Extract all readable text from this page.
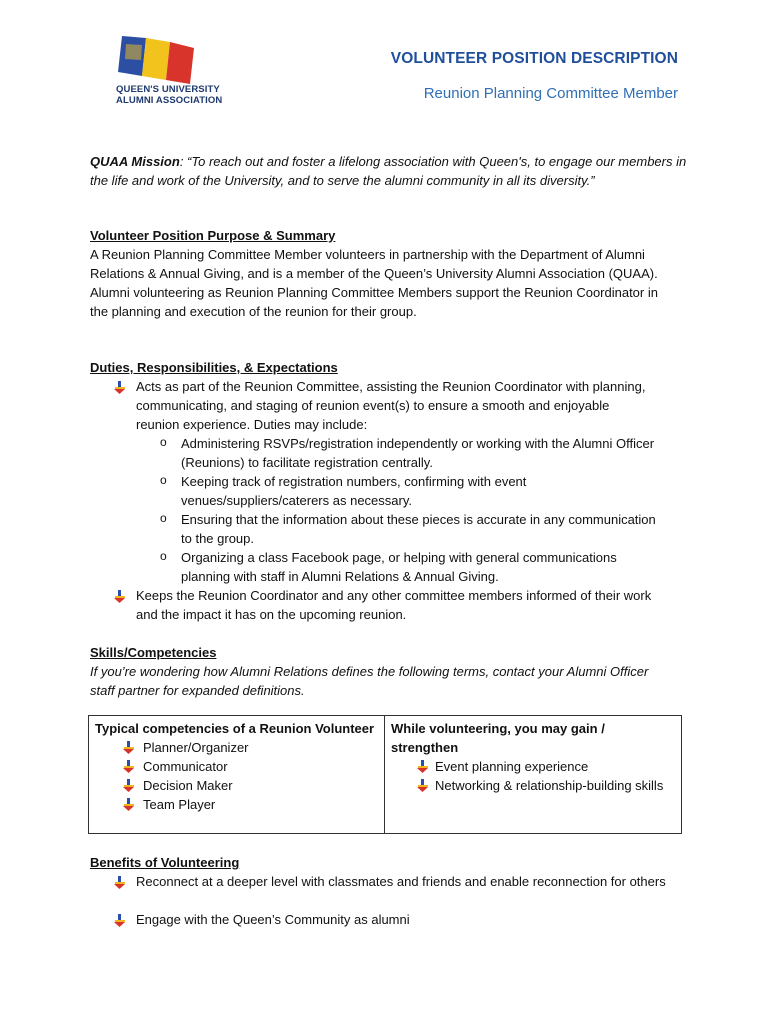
QUEEN'S UNIVERSITY
ALUMNI ASSOCIATION
VOLUNTEER POSITION DESCRIPTION
Reunion Planning Committee Member
QUAA Mission: “To reach out and foster a lifelong association with Queen's, to engage our members in the life and work of the University, and to serve the alumni community in all its diversity.”
Volunteer Position Purpose & Summary
A Reunion Planning Committee Member volunteers in partnership with the Department of Alumni Relations & Annual Giving, and is a member of the Queen’s University Alumni Association (QUAA).
Alumni volunteering as Reunion Planning Committee Members support the Reunion Coordinator in the planning and execution of the reunion for their group.
Duties, Responsibilities, & Expectations
Acts as part of the Reunion Committee, assisting the Reunion Coordinator with planning, communicating, and staging of reunion event(s) to ensure a smooth and enjoyable reunion experience. Duties may include:
o Administering RSVPs/registration independently or working with the Alumni Officer (Reunions) to facilitate registration centrally.
o Keeping track of registration numbers, confirming with event venues/suppliers/caterers as necessary.
o Ensuring that the information about these pieces is accurate in any communication to the group.
o Organizing a class Facebook page, or helping with general communications planning with staff in Alumni Relations & Annual Giving.
Keeps the Reunion Coordinator and any other committee members informed of their work and the impact it has on the upcoming reunion.
Skills/Competencies
If you’re wondering how Alumni Relations defines the following terms, contact your Alumni Officer staff partner for expanded definitions.
Typical competencies of a Reunion Volunteer
Planner/Organizer
Communicator
Decision Maker
Team Player

While volunteering, you may gain / strengthen
Event planning experience
Networking & relationship-building skills
Benefits of Volunteering
Reconnect at a deeper level with classmates and friends and enable reconnection for others
Engage with the Queen’s Community as alumni
